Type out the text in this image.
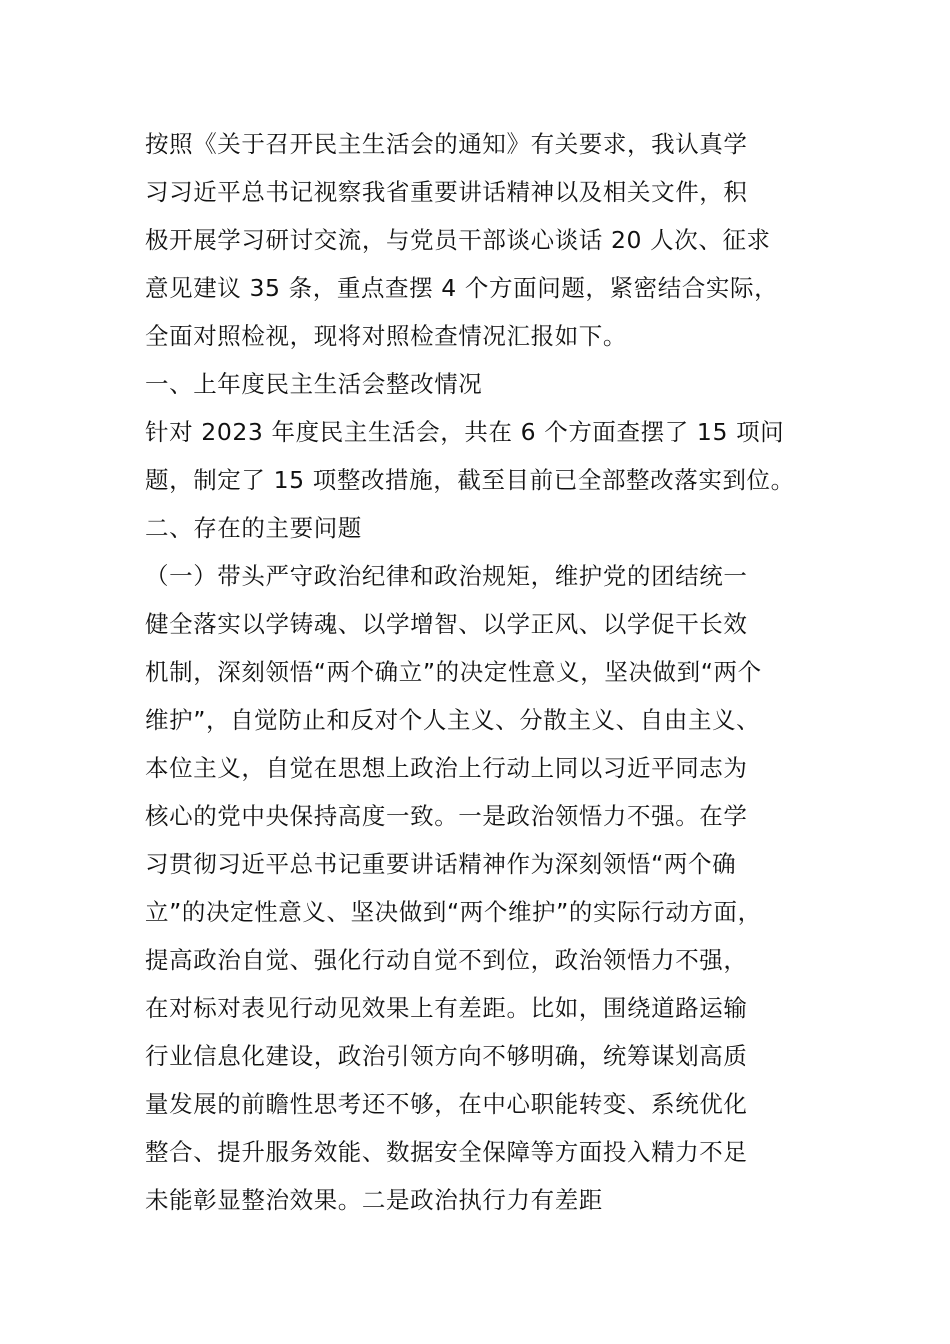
按照《关于召开民主生活会的通知》有关要求，我认真学
习习近平总书记视察我省重要讲话精神以及相关文件，积
极开展学习研讨交流，与党员干部谈心谈话 20 人次、征求
意见建议 35 条，重点查摆 4 个方面问题，紧密结合实际，
全面对照检视，现将对照检查情况汇报如下。
一、上年度民主生活会整改情况
针对 2023 年度民主生活会，共在 6 个方面查摆了 15 项问
题，制定了 15 项整改措施，截至目前已全部整改落实到位。
二、存在的主要问题
（一）带头严守政治纪律和政治规矩，维护党的团结统一
健全落实以学铸魂、以学增智、以学正风、以学促干长效
机制，深刻领悟“两个确立”的决定性意义，坚决做到“两个
维护”，自觉防止和反对个人主义、分散主义、自由主义、
本位主义，自觉在思想上政治上行动上同以习近平同志为
核心的党中央保持高度一致。一是政治领悟力不强。在学
习贯彻习近平总书记重要讲话精神作为深刻领悟“两个确
立”的决定性意义、坚决做到“两个维护”的实际行动方面，
提高政治自觉、强化行动自觉不到位，政治领悟力不强，
在对标对表见行动见效果上有差距。比如，围绕道路运输
行业信息化建设，政治引领方向不够明确，统筹谋划高质
量发展的前瞻性思考还不够，在中心职能转变、系统优化
整合、提升服务效能、数据安全保障等方面投入精力不足
未能彰显整治效果。二是政治执行力有差距
